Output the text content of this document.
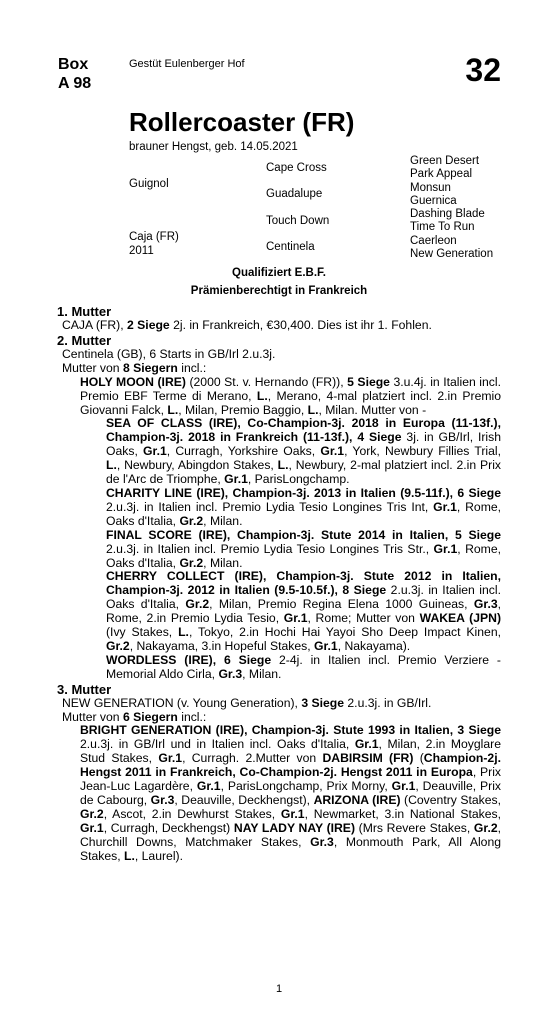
Box
A 98
Gestüt Eulenberger Hof	32
Rollercoaster (FR)
brauner Hengst, geb. 14.05.2021
Guignol
Caja (FR)
2011
Cape Cross
Guadalupe
Touch Down
Centinela
Green Desert
Park Appeal
Monsun
Guernica
Dashing Blade
Time To Run
Caerleon
New Generation
Qualifiziert E.B.F.
Prämienberechtigt in Frankreich

1. Mutter

CAJA (FR), 2 Siege 2j. in Frankreich, €30,400. Dies ist ihr 1. Fohlen.

2. Mutter

Centinela (GB), 6 Starts in GB/Irl 2.u.3j.

Mutter von 8 Siegern incl.:

HOLY MOON (IRE) (2000 St. v. Hernando (FR)), 5 Siege 3.u.4j. in Italien incl. Premio EBF Terme di Merano, L., Merano, 4-mal platziert incl. 2.in Premio Giovanni Falck, L., Milan, Premio Baggio, L., Milan. Mutter von -

SEA OF CLASS (IRE), Co-Champion-3j. 2018 in Europa (11-13f.), Champion-3j. 2018 in Frankreich (11-13f.), 4 Siege 3j. in GB/Irl, Irish Oaks, Gr.1, Curragh, Yorkshire Oaks, Gr.1, York, Newbury Fillies Trial, L., Newbury, Abingdon Stakes, L., Newbury, 2-mal platziert incl. 2.in Prix de l'Arc de Triomphe, Gr.1, ParisLongchamp.

CHARITY LINE (IRE), Champion-3j. 2013 in Italien (9.5-11f.), 6 Siege 2.u.3j. in Italien incl. Premio Lydia Tesio Longines Tris Int, Gr.1, Rome, Oaks d'Italia, Gr.2, Milan.

FINAL SCORE (IRE), Champion-3j. Stute 2014 in Italien, 5 Siege 2.u.3j. in Italien incl. Premio Lydia Tesio Longines Tris Str., Gr.1, Rome, Oaks d'Italia, Gr.2, Milan.

CHERRY COLLECT (IRE), Champion-3j. Stute 2012 in Italien, Champion-3j. 2012 in Italien (9.5-10.5f.), 8 Siege 2.u.3j. in Italien incl. Oaks d'Italia, Gr.2, Milan, Premio Regina Elena 1000 Guineas, Gr.3, Rome, 2.in Premio Lydia Tesio, Gr.1, Rome; Mutter von WAKEA (JPN) (Ivy Stakes, L., Tokyo, 2.in Hochi Hai Yayoi Sho Deep Impact Kinen, Gr.2, Nakayama, 3.in Hopeful Stakes, Gr.1, Nakayama).

WORDLESS (IRE), 6 Siege 2-4j. in Italien incl. Premio Verziere - Memorial Aldo Cirla, Gr.3, Milan.

3. Mutter

NEW GENERATION (v. Young Generation), 3 Siege 2.u.3j. in GB/Irl.

Mutter von 6 Siegern incl.:

BRIGHT GENERATION (IRE), Champion-3j. Stute 1993 in Italien, 3 Siege 2.u.3j. in GB/Irl und in Italien incl. Oaks d'Italia, Gr.1, Milan, 2.in Moyglare Stud Stakes, Gr.1, Curragh. 2.Mutter von DABIRSIM (FR) (Champion-2j. Hengst 2011 in Frankreich, Co-Champion-2j. Hengst 2011 in Europa, Prix Jean-Luc Lagardère, Gr.1, ParisLongchamp, Prix Morny, Gr.1, Deauville, Prix de Cabourg, Gr.3, Deauville, Deckhengst), ARIZONA (IRE) (Coventry Stakes, Gr.2, Ascot, 2.in Dewhurst Stakes, Gr.1, Newmarket, 3.in National Stakes, Gr.1, Curragh, Deckhengst) NAY LADY NAY (IRE) (Mrs Revere Stakes, Gr.2, Churchill Downs, Matchmaker Stakes, Gr.3, Monmouth Park, All Along Stakes, L., Laurel).

1
